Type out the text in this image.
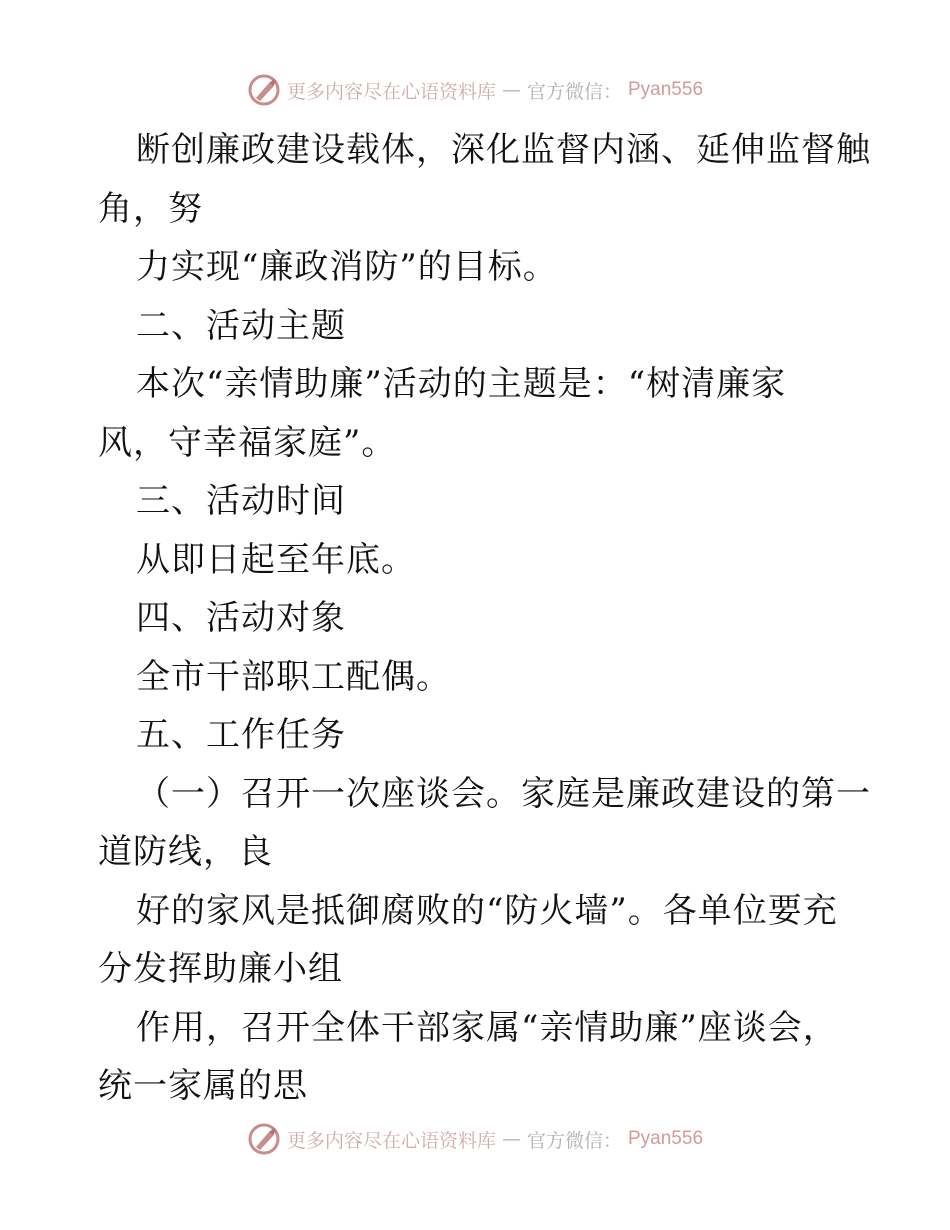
更多内容尽在心语资料库 — 官方微信： Pyan556
断创廉政建设载体，深化监督内涵、延伸监督触
角，努
力实现“廉政消防”的目标。
二、活动主题
本次“亲情助廉”活动的主题是：“树清廉家
风，守幸福家庭”。
三、活动时间
从即日起至年底。
四、活动对象
全市干部职工配偶。
五、工作任务
（一）召开一次座谈会。家庭是廉政建设的第一
道防线，良
好的家风是抵御腐败的“防火墙”。各单位要充
分发挥助廉小组
作用，召开全体干部家属“亲情助廉”座谈会，
统一家属的思
更多内容尽在心语资料库 — 官方微信： Pyan556
